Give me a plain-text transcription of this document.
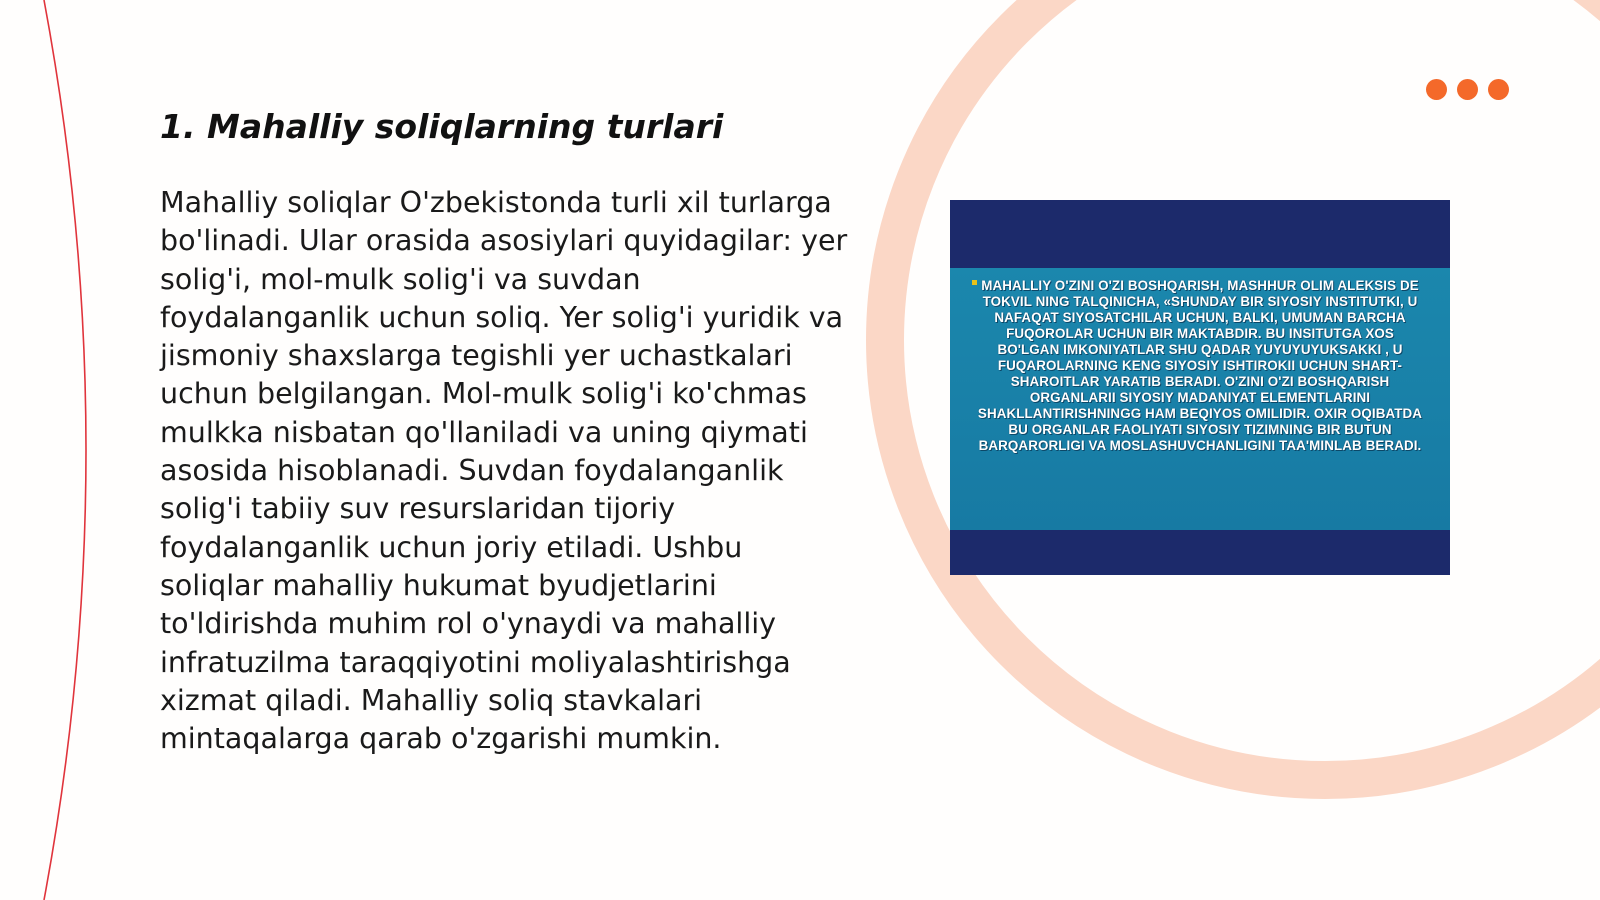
1. Mahalliy soliqlarning turlari

Mahalliy soliqlar O'zbekistonda turli xil turlarga bo'linadi. Ular orasida asosiylari quyidagilar: yer solig'i, mol-mulk solig'i va suvdan foydalanganlik uchun soliq. Yer solig'i yuridik va jismoniy shaxslarga tegishli yer uchastkalari uchun belgilangan. Mol-mulk solig'i ko'chmas mulkka nisbatan qo'llaniladi va uning qiymati asosida hisoblanadi. Suvdan foydalanganlik solig'i tabiiy suv resurslaridan tijoriy foydalanganlik uchun joriy etiladi. Ushbu soliqlar mahalliy hukumat byudjetlarini to'ldirishda muhim rol o'ynaydi va mahalliy infratuzilma taraqqiyotini moliyalashtirishga xizmat qiladi. Mahalliy soliq stavkalari mintaqalarga qarab o'zgarishi mumkin.

MAHALLIY O'ZINI O'ZI BOSHQARISH, MASHHUR OLIM ALEKSIS DE TOKVIL NING TALQINICHA, «SHUNDAY BIR SIYOSIY INSTITUTKI, U NAFAQAT SIYOSATCHILAR UCHUN, BALKI, UMUMAN BARCHA FUQOROLAR UCHUN BIR MAKTABDIR. BU INSITUTGA XOS BO'LGAN IMKONIYATLAR SHU QADAR YUYUYUYUKSAKKI , U FUQAROLARNING KENG SIYOSIY ISHTIROKII UCHUN SHART-SHAROITLAR YARATIB BERADI. O'ZINI O'ZI BOSHQARISH ORGANLARII SIYOSIY MADANIYAT ELEMENTLARINI SHAKLLANTIRISHNINGG HAM BEQIYOS OMILIDIR. OXIR OQIBATDA BU ORGANLAR FAOLIYATI SIYOSIY TIZIMNING BIR BUTUN BARQARORLIGI VA MOSLASHUVCHANLIGINI TAA'MINLAB BERADI.
